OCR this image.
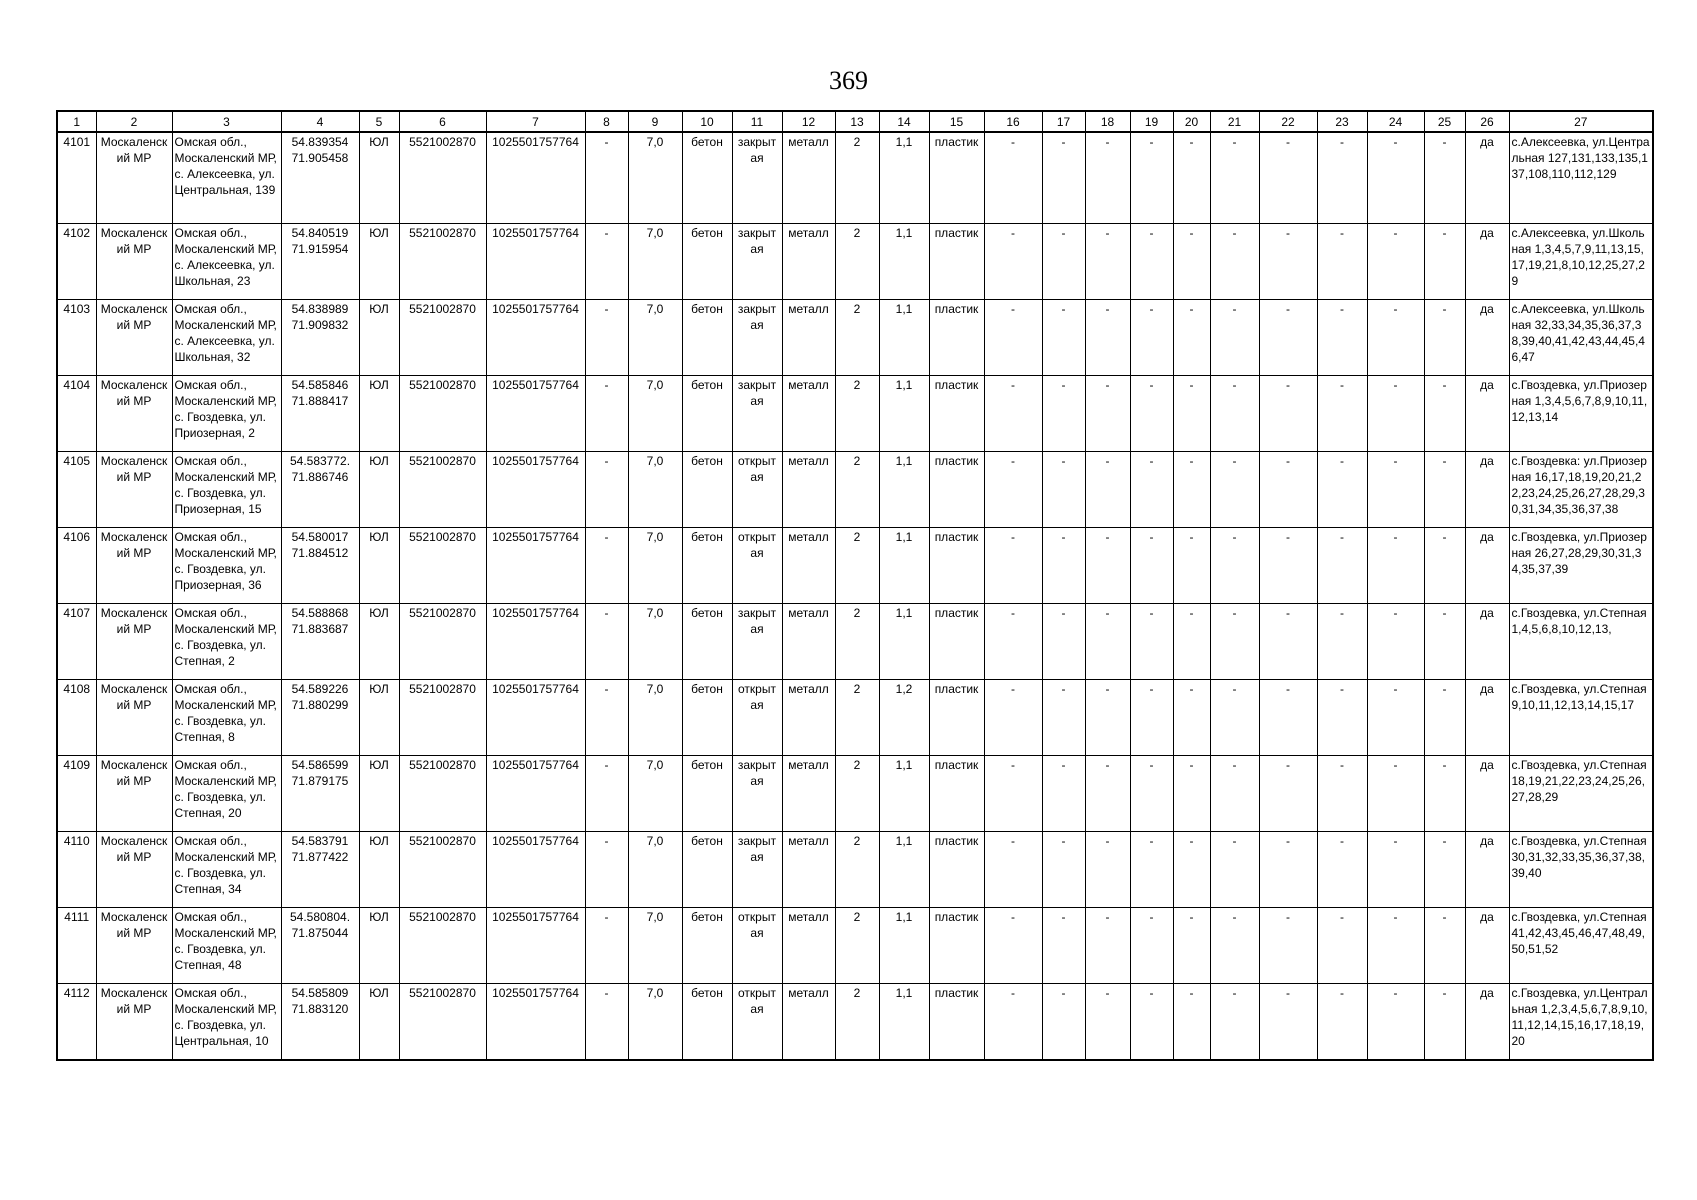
369
1	2	3	4	5	6	7	8	9	10	11	12	13	14	15	16	17	18	19	20	21	22	23	24	25	26	27
4101	Москаленск ий МР	Омская обл., Москаленский МР, с. Алексеевка, ул. Центральная, 139	54.839354 71.905458	ЮЛ	5521002870	1025501757764	-	7,0	бетон	закрыт ая	металл	2	1,1	пластик	-	-	-	-	-	-	-	-	-	-	да	с.Алексеевка, ул.Центральная 127,131,133,135,137,108,110,112,129
4102	Москаленск ий МР	Омская обл., Москаленский МР, с. Алексеевка, ул. Школьная, 23	54.840519 71.915954	ЮЛ	5521002870	1025501757764	-	7,0	бетон	закрыт ая	металл	2	1,1	пластик	-	-	-	-	-	-	-	-	-	-	да	с.Алексеевка, ул.Школьная 1,3,4,5,7,9,11,13,15,17,19,21,8,10,12,25,27,29
4103	Москаленск ий МР	Омская обл., Москаленский МР, с. Алексеевка, ул. Школьная, 32	54.838989 71.909832	ЮЛ	5521002870	1025501757764	-	7,0	бетон	закрыт ая	металл	2	1,1	пластик	-	-	-	-	-	-	-	-	-	-	да	с.Алексеевка, ул.Школьная 32,33,34,35,36,37,38,39,40,41,42,43,44,45,46,47
4104	Москаленск ий МР	Омская обл., Москаленский МР, с. Гвоздевка, ул. Приозерная, 2	54.585846 71.888417	ЮЛ	5521002870	1025501757764	-	7,0	бетон	закрыт ая	металл	2	1,1	пластик	-	-	-	-	-	-	-	-	-	-	да	с.Гвоздевка, ул.Приозерная 1,3,4,5,6,7,8,9,10,11,12,13,14
4105	Москаленск ий МР	Омская обл., Москаленский МР, с. Гвоздевка, ул. Приозерная, 15	54.583772. 71.886746	ЮЛ	5521002870	1025501757764	-	7,0	бетон	открыт ая	металл	2	1,1	пластик	-	-	-	-	-	-	-	-	-	-	да	с.Гвоздевка: ул.Приозерная 16,17,18,19,20,21,22,23,24,25,26,27,28,29,30,31,34,35,36,37,38
4106	Москаленск ий МР	Омская обл., Москаленский МР, с. Гвоздевка, ул. Приозерная, 36	54.580017 71.884512	ЮЛ	5521002870	1025501757764	-	7,0	бетон	открыт ая	металл	2	1,1	пластик	-	-	-	-	-	-	-	-	-	-	да	с.Гвоздевка, ул.Приозерная 26,27,28,29,30,31,34,35,37,39
4107	Москаленск ий МР	Омская обл., Москаленский МР, с. Гвоздевка, ул. Степная, 2	54.588868 71.883687	ЮЛ	5521002870	1025501757764	-	7,0	бетон	закрыт ая	металл	2	1,1	пластик	-	-	-	-	-	-	-	-	-	-	да	с.Гвоздевка, ул.Степная 1,4,5,6,8,10,12,13,
4108	Москаленск ий МР	Омская обл., Москаленский МР, с. Гвоздевка, ул. Степная, 8	54.589226 71.880299	ЮЛ	5521002870	1025501757764	-	7,0	бетон	открыт ая	металл	2	1,2	пластик	-	-	-	-	-	-	-	-	-	-	да	с.Гвоздевка, ул.Степная 9,10,11,12,13,14,15,17
4109	Москаленск ий МР	Омская обл., Москаленский МР, с. Гвоздевка, ул. Степная, 20	54.586599 71.879175	ЮЛ	5521002870	1025501757764	-	7,0	бетон	закрыт ая	металл	2	1,1	пластик	-	-	-	-	-	-	-	-	-	-	да	с.Гвоздевка, ул.Степная 18,19,21,22,23,24,25,26,27,28,29
4110	Москаленск ий МР	Омская обл., Москаленский МР, с. Гвоздевка, ул. Степная, 34	54.583791 71.877422	ЮЛ	5521002870	1025501757764	-	7,0	бетон	закрыт ая	металл	2	1,1	пластик	-	-	-	-	-	-	-	-	-	-	да	с.Гвоздевка, ул.Степная 30,31,32,33,35,36,37,38,39,40
4111	Москаленск ий МР	Омская обл., Москаленский МР, с. Гвоздевка, ул. Степная, 48	54.580804. 71.875044	ЮЛ	5521002870	1025501757764	-	7,0	бетон	открыт ая	металл	2	1,1	пластик	-	-	-	-	-	-	-	-	-	-	да	с.Гвоздевка, ул.Степная 41,42,43,45,46,47,48,49,50,51,52
4112	Москаленск ий МР	Омская обл., Москаленский МР, с. Гвоздевка, ул. Центральная, 10	54.585809 71.883120	ЮЛ	5521002870	1025501757764	-	7,0	бетон	открыт ая	металл	2	1,1	пластик	-	-	-	-	-	-	-	-	-	-	да	с.Гвоздевка, ул.Центральная 1,2,3,4,5,6,7,8,9,10,11,12,14,15,16,17,18,19,20
